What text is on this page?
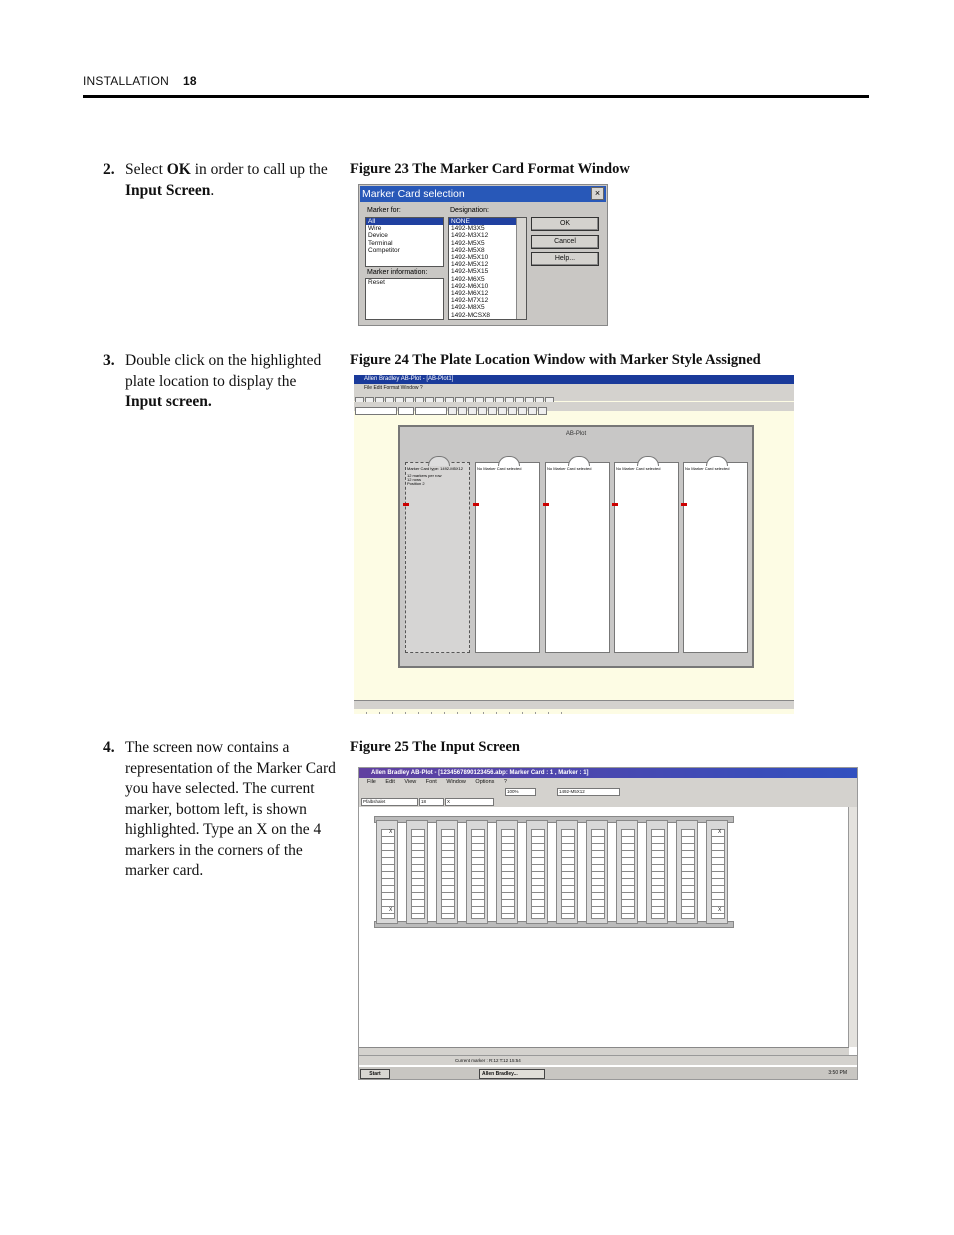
INSTALLATION 18
2. Select OK in order to call up the Input Screen.
Figure 23 The Marker Card Format Window
Marker Card selection	×
Marker for:
All
Wire
Device
Terminal
Competitor
Marker information:
Reset
Designation:
NONE
1492-M3X5
1492-M3X12
1492-M5X5
1492-M5X8
1492-M5X10
1492-M5X12
1492-M5X15
1492-M6X5
1492-M6X10
1492-M6X12
1492-M7X12
1492-M8X5
1492-MCSX8
OK
Cancel
Help...
3. Double click on the highlighted plate location to display the Input screen.
Figure 24 The Plate Location Window with Marker Style Assigned
Allen Bradley AB-Plot - [AB-Plot1]
File Edit Format Window ?
AB-Plot
Marker Card type: 1492-M5X12
12 markers per row
12 rows
Position 2
No Marker Card selected	No Marker Card selected	No Marker Card selected	No Marker Card selected
4. The screen now contains a representation of the Marker Card you have selected. The current marker, bottom left, is shown highlighted. Type an X on the 4 markers in the corners of the marker card.
Figure 25 The Input Screen
Allen Bradley AB-Plot - [1234567890123456.abp: Marker Card : 1 , Marker : 1]
File Edit View Font Window Options ?
100%	1492-M5X12
Pfalbshalet	18	X
X	X
X	X
Current marker : R:12 T:12 15:54
Start	Allen Bradley...	3:50 PM
